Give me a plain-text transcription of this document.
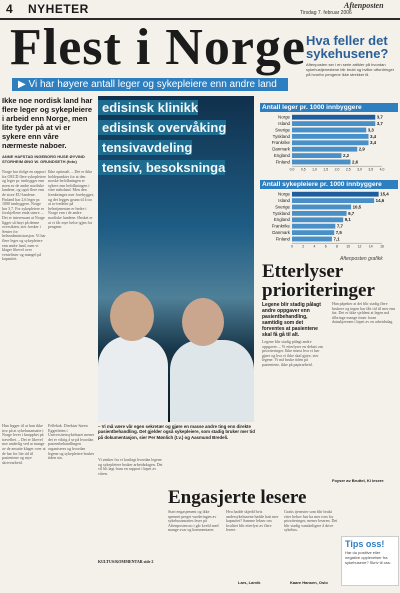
4 NYHETER	Aftenposten
Tirsdag 7. februar 2006
Flest i Norge
▶ Vi har høyere antall leger og sykepleiere enn andre land
Hva feller det sykehusene?
Aftenposten ser i en serie artikler på hvordan sykehustjenestene blir brukt og hvilke utfordringer på hvorfor pengene ikke strekker til.
Ikke noe nordisk land har flere leger og sykepleiere i arbeid enn Norge, men lite tyder på at vi er sykere enn våre nærmeste naboer.
ANNE HAFSTAD INGEBORG HUSE ØYVIND STORHEIM ØNG W. GRUNDSETH (foto)
Norge har ifølge en rapport fra OECD flere sykepleiere og leger pr. innbygger enn noen av de andre nordiske landene, og også flere enn de store EU-landene. Finland har 2,6 leger pr. 1000 innbyggere, Norge har 3,7. For sykepleiere er forskjellene enda større. – Det er interessant at Norge ligger så høyt på denne oversikten, sier forsker i Senter for helseadministrasjon. Vi har flere leger og sykepleiere enn andre land, men vi klager likevel over ventelister og mangel på kapasitet.
Ikke optimalt. – Det er ikke holdepunkter for at den norske befolkningen er sykere enn befolkningen i våre naboland. Men den frembringes mer forebygget, og det legges grunn til å tro at to-tredeler på helsetjenesten er bedre i Norge enn i de andre nordiske landene. Ønsket er at vi får mye helse igjen for pengene.
Han legger til at hun ikke tror på at sykehusansatte i Norge lever i knapphet på travelhet. – Det er likevel noe underlig ved at mange av de ansatte klager over at de har for lite tid til pasientene og mye skrivearbeid.
Fellebak. Direktør Søren Eggerløten i Universitetssykehuset mener det er viktig å se på hvordan pasientbehandlingen organiseres og hvordan legene og sykepleiere bruker tiden sin.
edisinsk klinikk
edisinsk overvåking
tensivavdeling
tensiv, besoksninga
– Vi må være vår egen sekretær og gjøre en masse andre ting enn direkte pasientbehandling. Det gjelder også sykepleiere, som stadig bruker mer tid på dokumentasjon, sier Per Mønlich (t.v.) og Aasmund Bredeli.
Vi ønsker fra vi kartlagt hvordan legene og sykepleiere bruker arbeidsdagen. Det vil bli lagt fram en rapport i løpet av våren.
KULTUS/KOMMENTAR side 2
Engasjerte lesere
Start engasjement og ikke spennet preget vurderingen av sykehusansattes leser på Aftenposten.no i går kveld med mange svar og kommentarer.
Hva hadde skjedd hvis undersykehusene hadde hatt mer kapasitet? Samme lekser om kvalitet blir etterlyst av flere lesere.
Lars, Larvik
Gratis tjenester som blir brukt etter behov bør ha mer rom for prioriteringer, mener leseren. Det blir stadig vanskeligere å drive sykehus.
Kaare Hansen, Oslo
Antall leger pr. 1000 innbyggere
Norge	3,7
Island	3,7
Sverige	3,3
Tyskland	3,4
Frankrike	3,4
Danmark	2,9
England	2,2
Finland	2,6
0,0 0,5 1,0 1,5 2,0 2,5 3,0 3,5 4,0
Antall sykepleiere pr. 1000 innbyggere
Norge	15,4
Island	14,6
Sverige	10,5
Tyskland	9,7
England	9,1
Frankrike	7,7
Danmark	7,5
Finland	7,1
0	2	4	6	8 10 12 14 16
Aftenposten grafikk
Etterlyser prioriteringer
Legene blir stadig pålagt andre oppgaver enn pasientbehandling, samtidig som det forventes at pasientene skal få gå til alt.
Legene blir stadig pålagt andre oppgaver. – Vi etterlyser en debatt om prioriteringer. Ikke minst hva vi bør gjøre og hva vi ikke skal gjøre, sier legene. Vi må bruke tiden på pasientene, ikke på papirarbeid.
Han påpeker at det blir stadig flere brukere og ingen har fått tid til mer enn før. Det er ikke sjeldent at legen må tilbringe mange timer foran dataskjermen i løpet av en arbeidsdag.
Foyser av Bruttel, Ki lesere
Tips oss!
Har du positive eller negative opplevelser fra sykehusene? Skriv til oss.
